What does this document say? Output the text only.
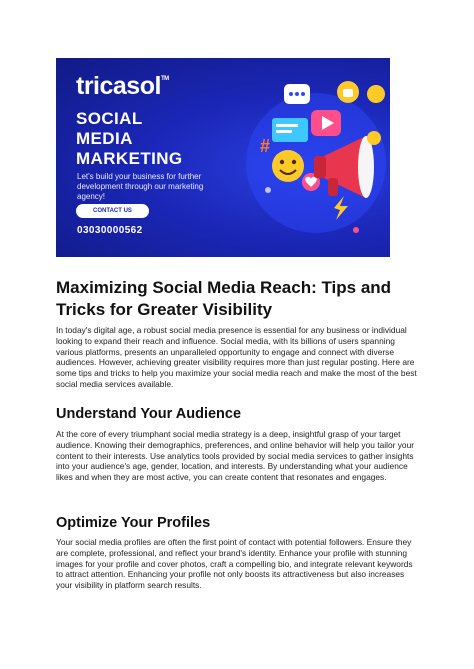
tricasol™
SOCIAL
MEDIA
MARKETING
Let's build your business for further development through our marketing agency!
CONTACT US
03030000562
#
Maximizing Social Media Reach: Tips and Tricks for Greater Visibility

In today's digital age, a robust social media presence is essential for any business or individual looking to expand their reach and influence. Social media, with its billions of users spanning various platforms, presents an unparalleled opportunity to engage and connect with diverse audiences. However, achieving greater visibility requires more than just regular posting. Here are some tips and tricks to help you maximize your social media reach and make the most of the best social media services available.

Understand Your Audience

At the core of every triumphant social media strategy is a deep, insightful grasp of your target audience. Knowing their demographics, preferences, and online behavior will help you tailor your content to their interests. Use analytics tools provided by social media services to gather insights into your audience's age, gender, location, and interests. By understanding what your audience likes and when they are most active, you can create content that resonates and engages.

Optimize Your Profiles

Your social media profiles are often the first point of contact with potential followers. Ensure they are complete, professional, and reflect your brand's identity. Enhance your profile with stunning images for your profile and cover photos, craft a compelling bio, and integrate relevant keywords to attract attention. Enhancing your profile not only boosts its attractiveness but also increases your visibility in platform search results.
